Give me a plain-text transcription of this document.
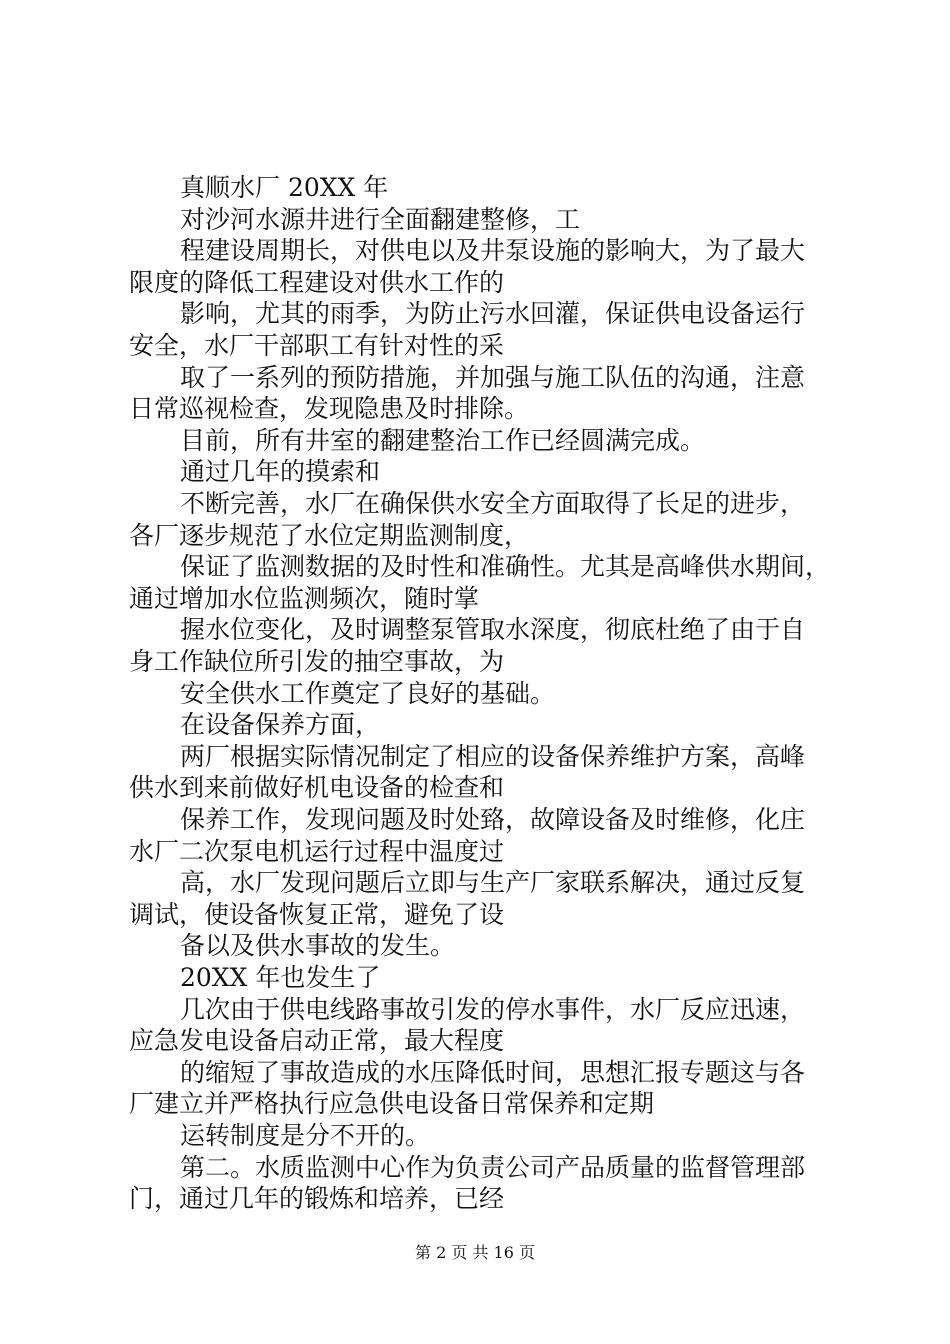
真顺水厂 20XX 年
对沙河水源井进行全面翻建整修，工
程建设周期长，对供电以及井泵设施的影响大，为了最大
限度的降低工程建设对供水工作的
影响，尤其的雨季，为防止污水回灌，保证供电设备运行
安全，水厂干部职工有针对性的采
取了一系列的预防措施，并加强与施工队伍的沟通，注意
日常巡视检查，发现隐患及时排除。
目前，所有井室的翻建整治工作已经圆满完成。
通过几年的摸索和
不断完善，水厂在确保供水安全方面取得了长足的进步，
各厂逐步规范了水位定期监测制度，
保证了监测数据的及时性和准确性。尤其是高峰供水期间，
通过增加水位监测频次，随时掌
握水位变化，及时调整泵管取水深度，彻底杜绝了由于自
身工作缺位所引发的抽空事故，为
安全供水工作奠定了良好的基础。
在设备保养方面，
两厂根据实际情况制定了相应的设备保养维护方案，高峰
供水到来前做好机电设备的检查和
保养工作，发现问题及时处臵，故障设备及时维修，化庄
水厂二次泵电机运行过程中温度过
高，水厂发现问题后立即与生产厂家联系解决，通过反复
调试，使设备恢复正常，避免了设
备以及供水事故的发生。
20XX 年也发生了
几次由于供电线路事故引发的停水事件，水厂反应迅速，
应急发电设备启动正常，最大程度
的缩短了事故造成的水压降低时间，思想汇报专题这与各
厂建立并严格执行应急供电设备日常保养和定期
运转制度是分不开的。
第二。水质监测中心作为负责公司产品质量的监督管理部
门，通过几年的锻炼和培养，已经
第 2 页 共 16 页
